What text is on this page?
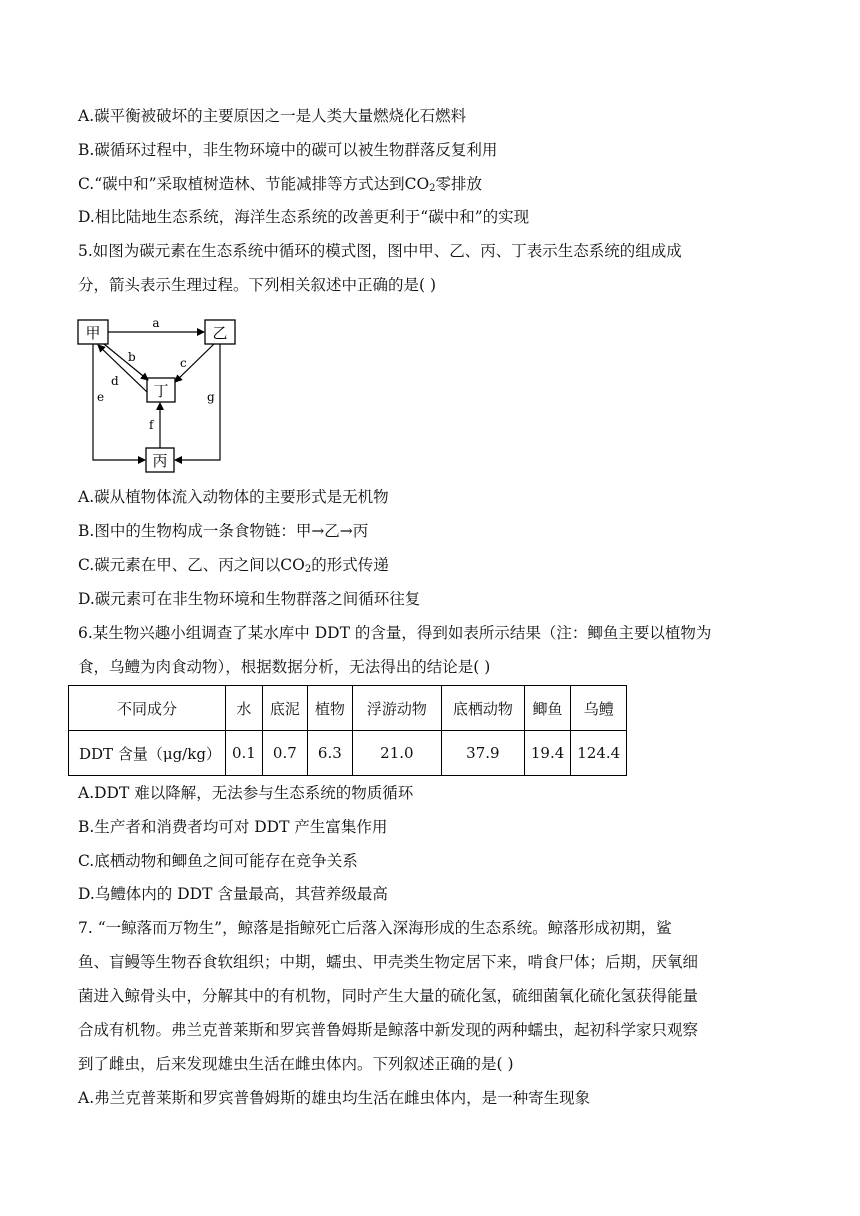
A.碳平衡被破坏的主要原因之一是人类大量燃烧化石燃料
B.碳循环过程中，非生物环境中的碳可以被生物群落反复利用
C.“碳中和”采取植树造林、节能减排等方式达到$CO_2$零排放
D.相比陆地生态系统，海洋生态系统的改善更利于“碳中和”的实现
5.如图为碳元素在生态系统中循环的模式图，图中甲、乙、丙、丁表示生态系统的组成成
分，箭头表示生理过程。下列相关叙述中正确的是( )
甲	乙
丁
丙
a
c
b
d
f
e	g
A.碳从植物体流入动物体的主要形式是无机物
B.图中的生物构成一条食物链：甲→乙→丙
C.碳元素在甲、乙、丙之间以$CO_2$的形式传递
D.碳元素可在非生物环境和生物群落之间循环往复
6.某生物兴趣小组调查了某水库中 DDT 的含量，得到如表所示结果（注：鲫鱼主要以植物为
食，乌鳢为肉食动物），根据数据分析，无法得出的结论是( )
不同成分	水	底泥	植物	浮游动物	底栖动物	鲫鱼	乌鳢
DDT 含量（μg/kg）	0.1	0.7	6.3	21.0	37.9	19.4	124.4
A.DDT 难以降解，无法参与生态系统的物质循环
B.生产者和消费者均可对 DDT 产生富集作用
C.底栖动物和鲫鱼之间可能存在竞争关系
D.乌鳢体内的 DDT 含量最高，其营养级最高
7. “一鲸落而万物生”，鲸落是指鲸死亡后落入深海形成的生态系统。鲸落形成初期，鲨
鱼、盲鳗等生物吞食软组织；中期，蠕虫、甲壳类生物定居下来，啃食尸体；后期，厌氧细
菌进入鲸骨头中，分解其中的有机物，同时产生大量的硫化氢，硫细菌氧化硫化氢获得能量
合成有机物。弗兰克普莱斯和罗宾普鲁姆斯是鲸落中新发现的两种蠕虫，起初科学家只观察
到了雌虫，后来发现雄虫生活在雌虫体内。下列叙述正确的是( )
A.弗兰克普莱斯和罗宾普鲁姆斯的雄虫均生活在雌虫体内，是一种寄生现象
